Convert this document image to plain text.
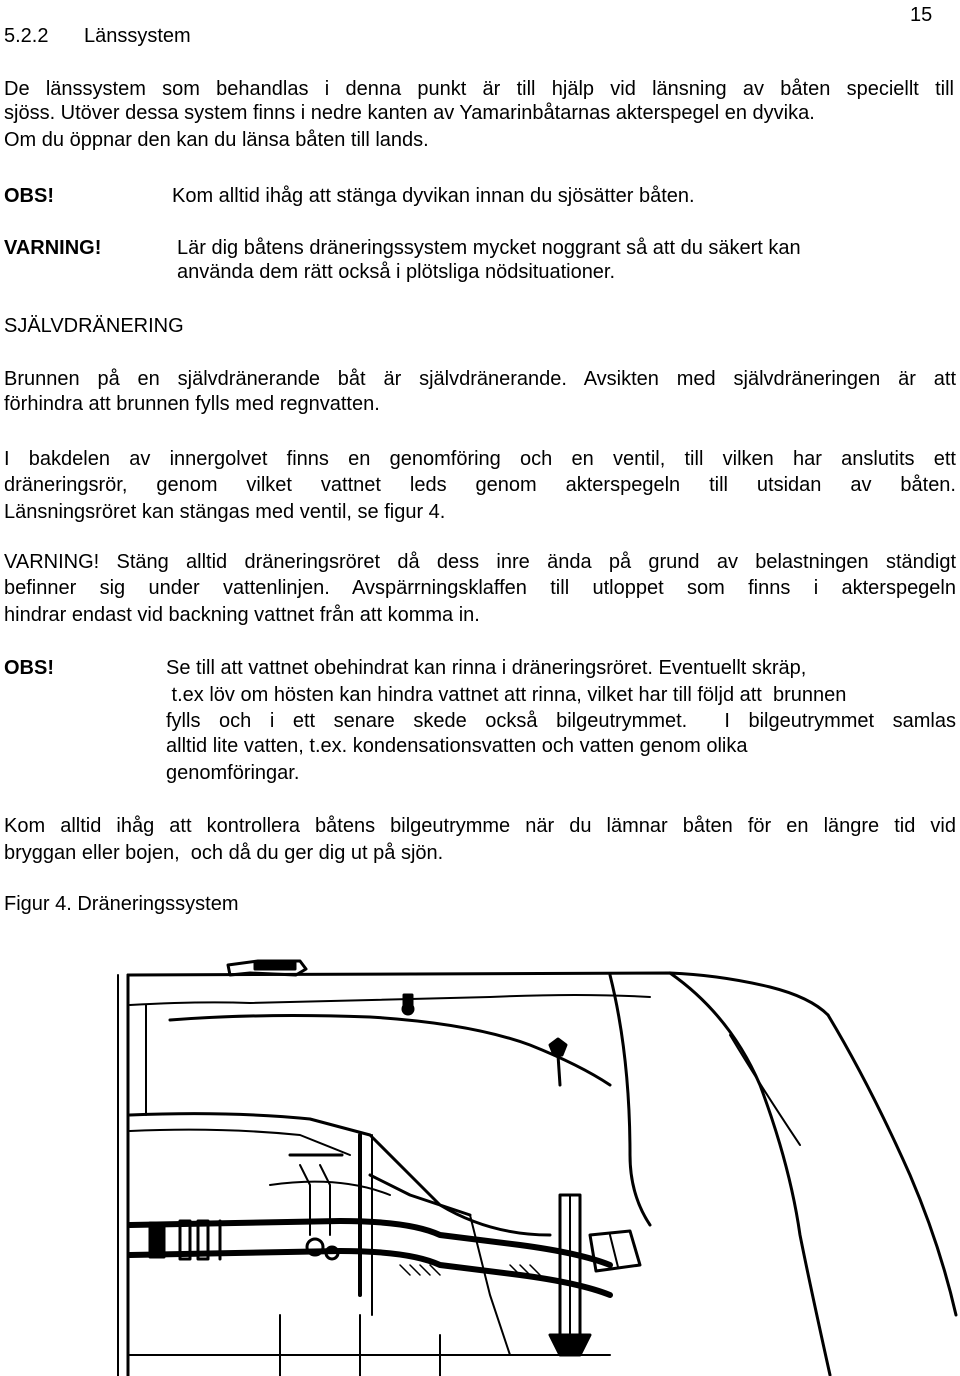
15
5.2.2 Länssystem
De länssystem som behandlas i denna punkt är till hjälp vid länsning av båten speciellt till
sjöss. Utöver dessa system finns i nedre kanten av Yamarinbåtarnas akterspegel en dyvika.
Om du öppnar den kan du länsa båten till lands.
OBS!	Kom alltid ihåg att stänga dyvikan innan du sjösätter båten.
VARNING!	Lär dig båtens dräneringssystem mycket noggrant så att du säkert kan
använda dem rätt också i plötsliga nödsituationer.
SJÄLVDRÄNERING
Brunnen på en självdränerande båt är självdränerande. Avsikten med självdräneringen är att
förhindra att brunnen fylls med regnvatten.
I bakdelen av innergolvet finns en genomföring och en ventil, till vilken har anslutits ett
dräneringsrör, genom vilket vattnet leds genom akterspegeln till utsidan av båten.
Länsningsröret kan stängas med ventil, se figur 4.
VARNING! Stäng alltid dräneringsröret då dess inre ända på grund av belastningen ständigt
befinner sig under vattenlinjen. Avspärrningsklaffen till utloppet som finns i akterspegeln
hindrar endast vid backning vattnet från att komma in.
OBS!	Se till att vattnet obehindrat kan rinna i dräneringsröret. Eventuellt skräp,
t.ex löv om hösten kan hindra vattnet att rinna, vilket har till följd att  brunnen
fylls och i ett senare skede också bilgeutrymmet.  I bilgeutrymmet samlas
alltid lite vatten, t.ex. kondensationsvatten och vatten genom olika
genomföringar.
Kom alltid ihåg att kontrollera båtens bilgeutrymme när du lämnar båten för en längre tid vid
bryggan eller bojen,  och då du ger dig ut på sjön.
Figur 4. Dräneringssystem
